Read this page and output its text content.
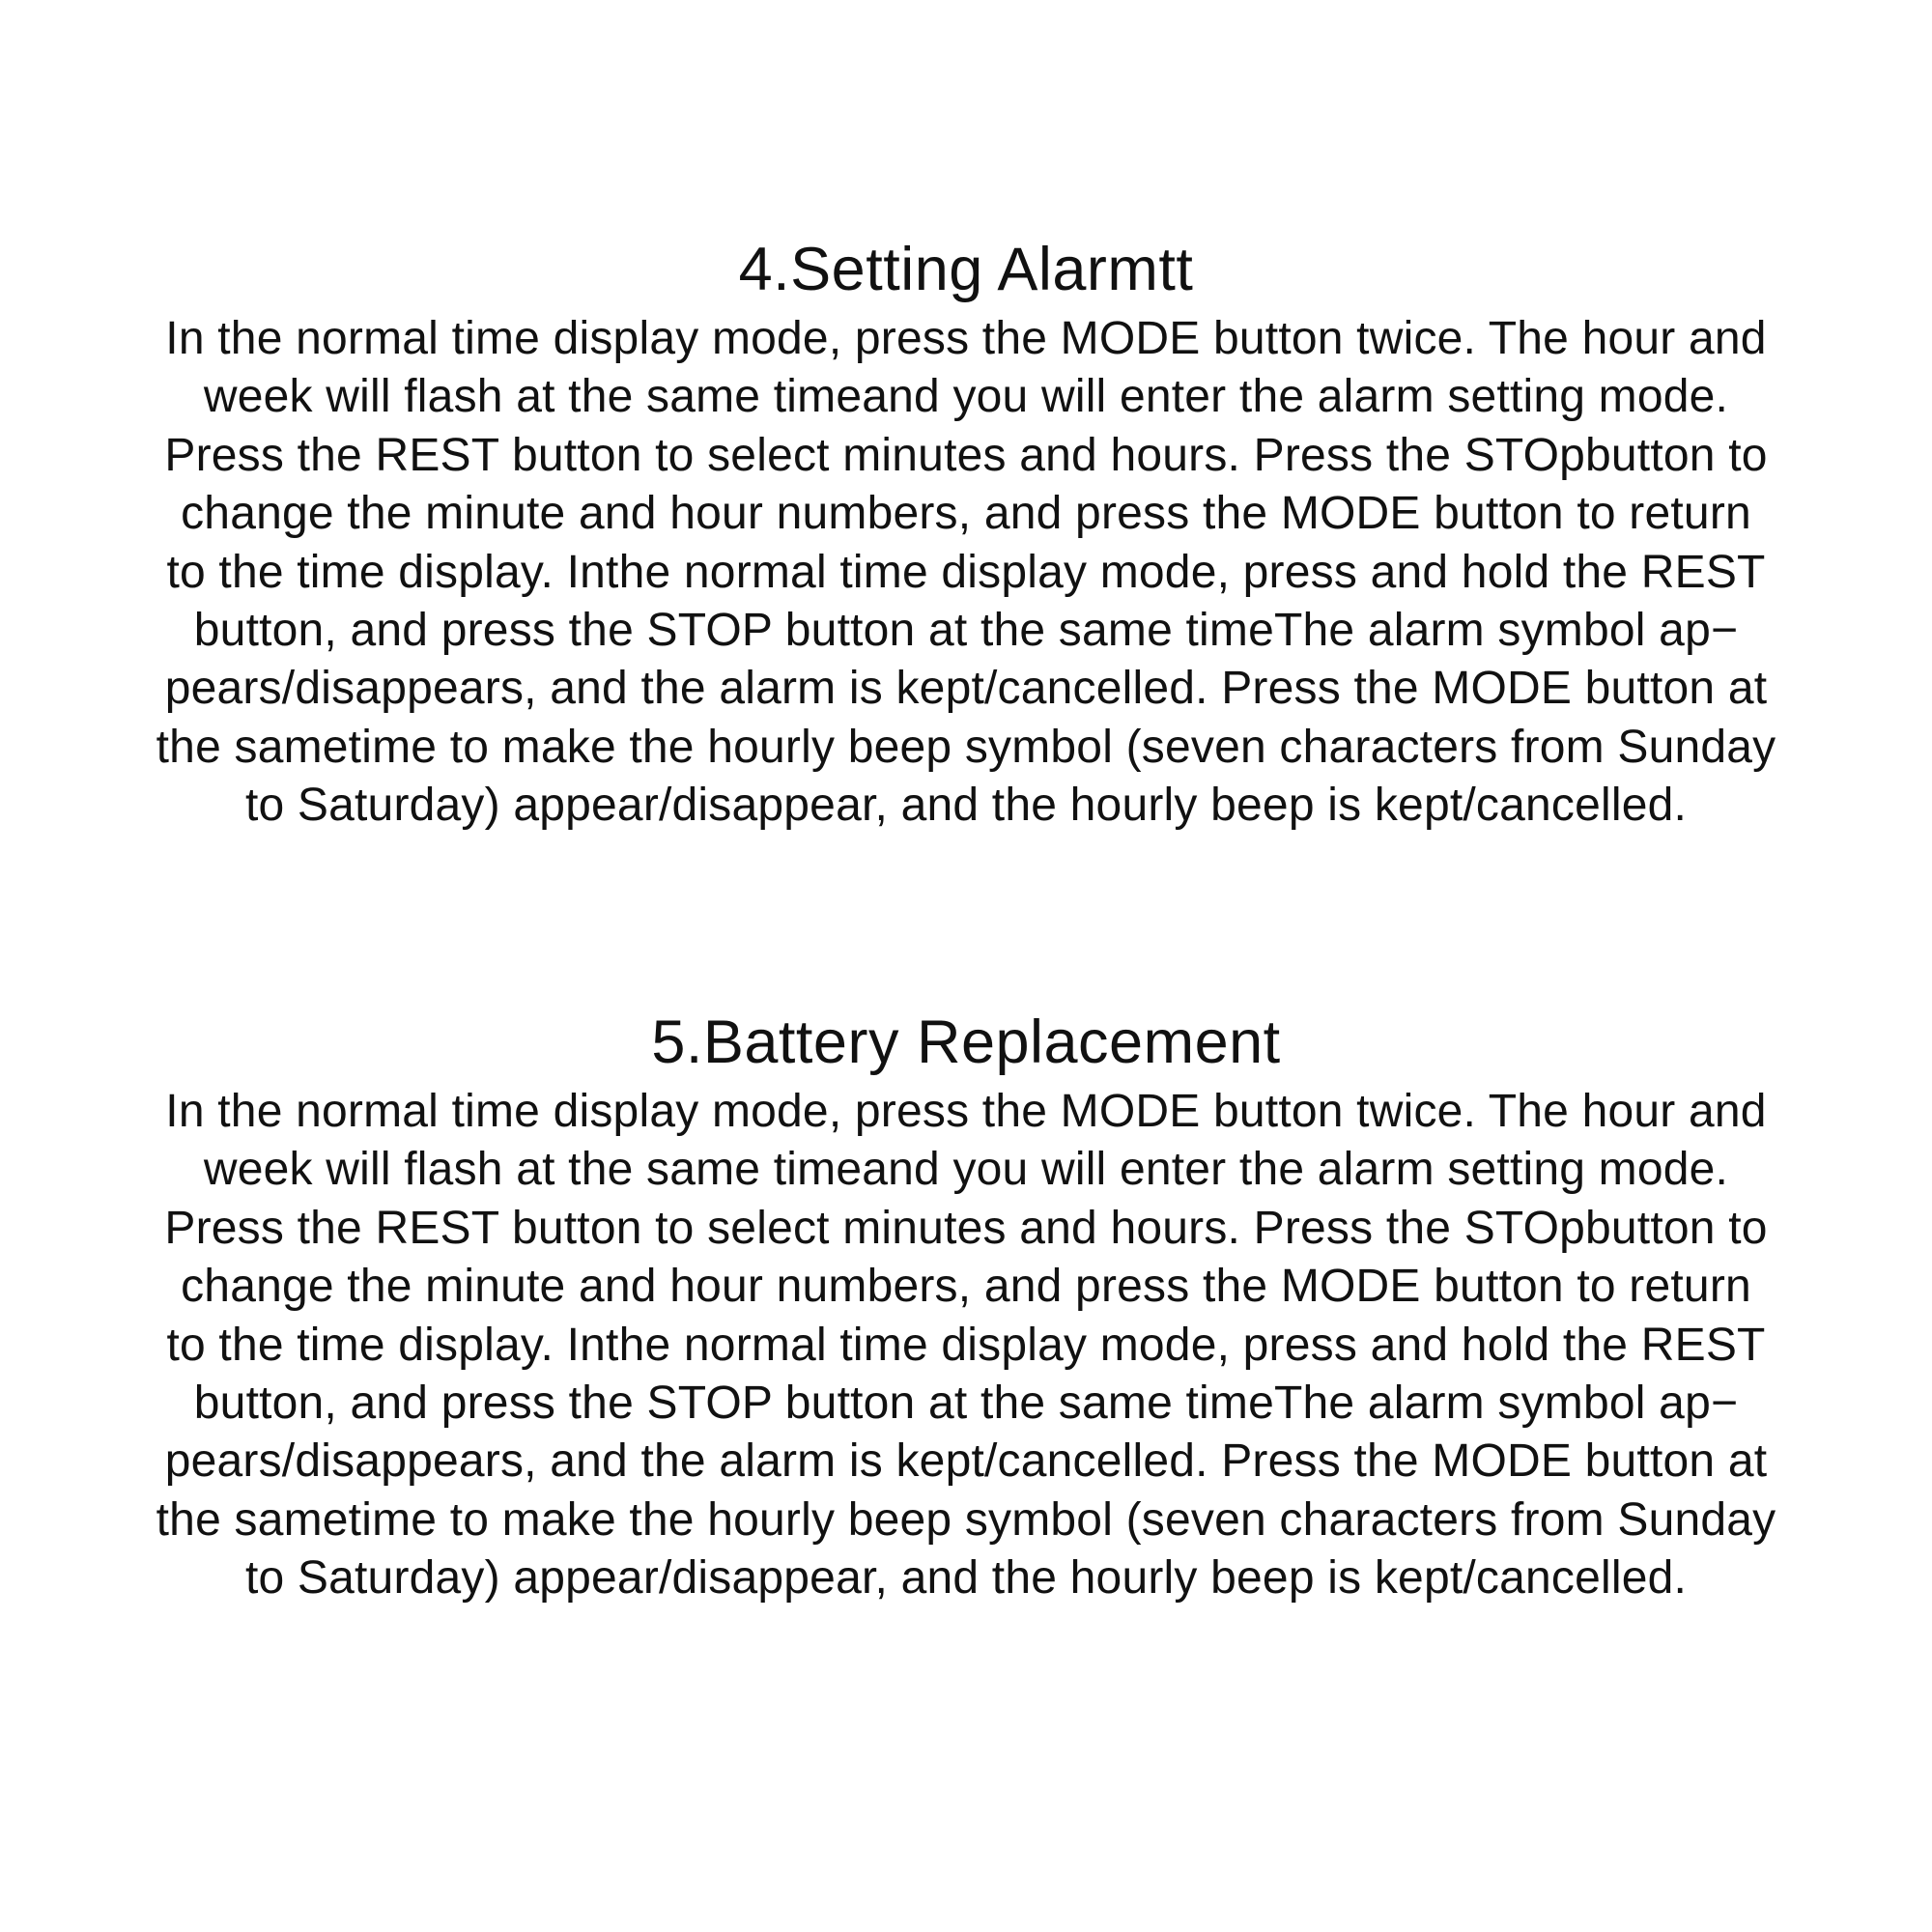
4.Setting Alarmtt

In the normal time display mode, press the MODE button twice. The hour and
week will flash at the same timeand you will enter the alarm setting mode.
Press the REST button to select minutes and hours. Press the STOpbutton to
change the minute and hour numbers, and press the MODE button to return
to the time display. Inthe normal time display mode, press and hold the REST
button, and press the STOP button at the same timeThe alarm symbol ap−
pears/disappears, and the alarm is kept/cancelled. Press the MODE button at
the sametime to make the hourly beep symbol (seven characters from Sunday
to Saturday) appear/disappear, and the hourly beep is kept/cancelled.

5.Battery Replacement

In the normal time display mode, press the MODE button twice. The hour and
week will flash at the same timeand you will enter the alarm setting mode.
Press the REST button to select minutes and hours. Press the STOpbutton to
change the minute and hour numbers, and press the MODE button to return
to the time display. Inthe normal time display mode, press and hold the REST
button, and press the STOP button at the same timeThe alarm symbol ap−
pears/disappears, and the alarm is kept/cancelled. Press the MODE button at
the sametime to make the hourly beep symbol (seven characters from Sunday
to Saturday) appear/disappear, and the hourly beep is kept/cancelled.
